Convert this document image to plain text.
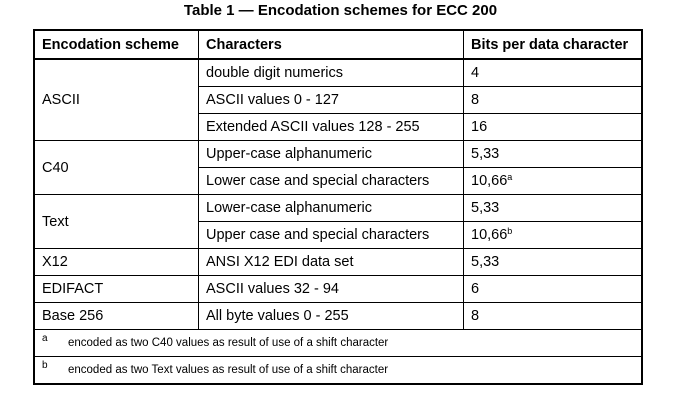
Table 1 — Encodation schemes for ECC 200
Encodation scheme	Characters	Bits per data character
ASCII	double digit numerics	4
	ASCII values 0 - 127	8
	Extended ASCII values 128 - 255	16
C40	Upper-case alphanumeric	5,33
	Lower case and special characters	10,66$^a$
Text	Lower-case alphanumeric	5,33
	Upper case and special characters	10,66$^b$
X12	ANSI X12 EDI data set	5,33
EDIFACT	ASCII values 32 - 94	6
Base 256	All byte values 0 - 255	8
a encoded as two C40 values as result of use of a shift character		
b encoded as two Text values as result of use of a shift character		
